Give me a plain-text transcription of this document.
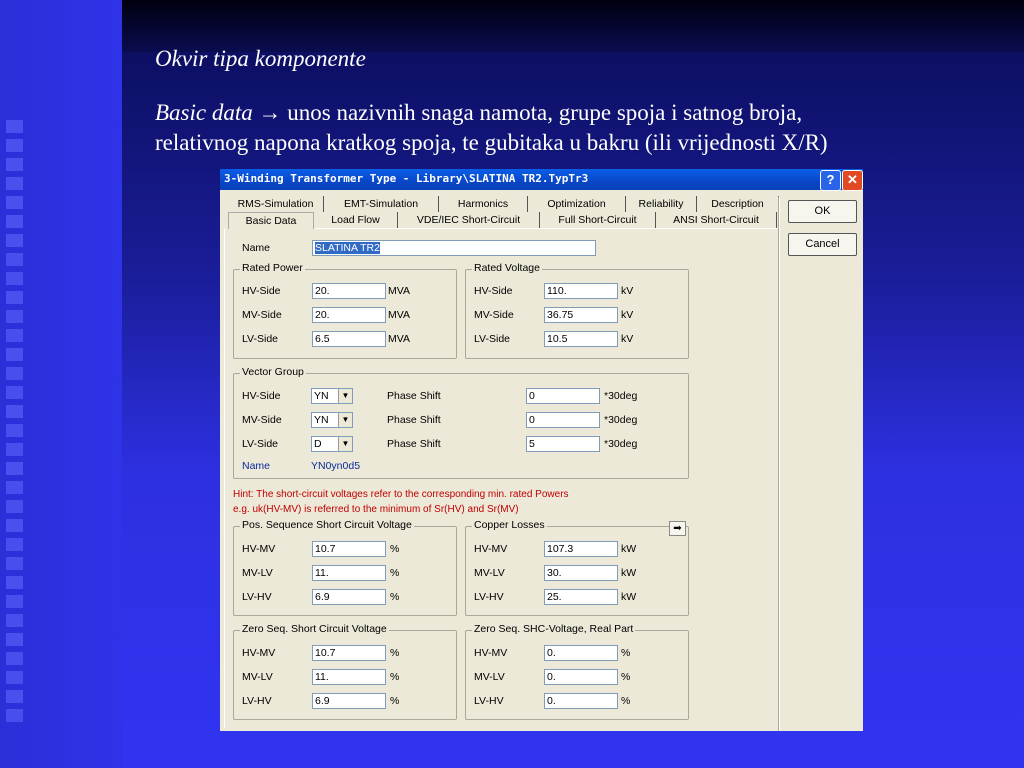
Okvir tipa komponente
Basic data → unos nazivnih snaga namota, grupe spoja i satnog broja,
relativnog napona kratkog spoja, te gubitaka u bakru (ili vrijednosti X/R)
3-Winding Transformer Type - Library\SLATINA TR2.TypTr3	? ✕
RMS-Simulation	EMT-Simulation	Harmonics	Optimization	Reliability	Description
Basic Data	Load Flow	VDE/IEC Short-Circuit	Full Short-Circuit	ANSI Short-Circuit
OK
Cancel
Name	SLATINA TR2
Rated Power
HV-Side	20.	MVA
MV-Side	20.	MVA
LV-Side	6.5	MVA
Rated Voltage
HV-Side	110.	kV
MV-Side	36.75	kV
LV-Side	10.5	kV
Vector Group
HV-Side	YN	▼	Phase Shift	0	*30deg
MV-Side	YN	▼	Phase Shift	0	*30deg
LV-Side	D	▼	Phase Shift	5	*30deg
Name	YN0yn0d5
Hint: The short-circuit voltages refer to the corresponding min. rated Powers
e.g. uk(HV-MV) is referred to the minimum of Sr(HV) and Sr(MV)
Pos. Sequence Short Circuit Voltage
HV-MV	10.7	%
MV-LV	11.	%
LV-HV	6.9	%
Copper Losses	➡
HV-MV	107.3	kW
MV-LV	30.	kW
LV-HV	25.	kW
Zero Seq. Short Circuit Voltage
HV-MV	10.7	%
MV-LV	11.	%
LV-HV	6.9	%
Zero Seq. SHC-Voltage, Real Part
HV-MV	0.	%
MV-LV	0.	%
LV-HV	0.	%
